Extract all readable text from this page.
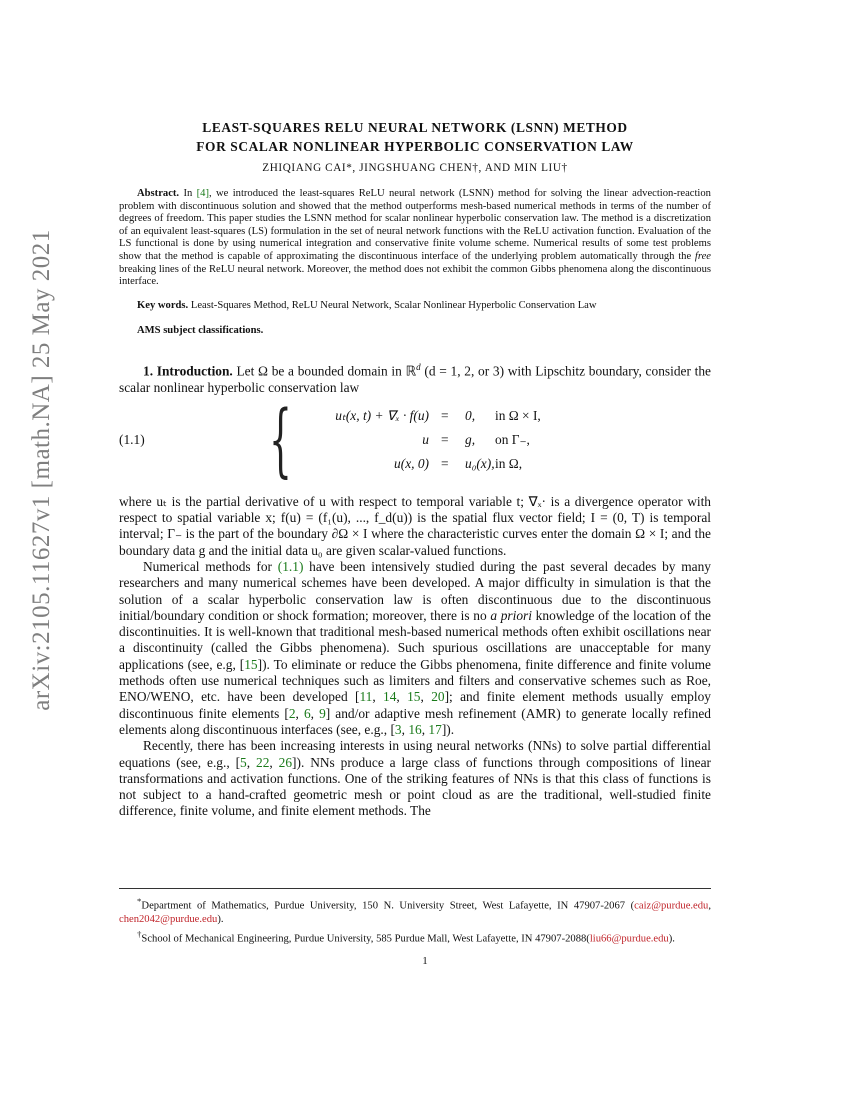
arXiv:2105.11627v1 [math.NA] 25 May 2021

LEAST-SQUARES RELU NEURAL NETWORK (LSNN) METHOD
FOR SCALAR NONLINEAR HYPERBOLIC CONSERVATION LAW

ZHIQIANG CAI*, JINGSHUANG CHEN†, AND MIN LIU†

Abstract. In [4], we introduced the least-squares ReLU neural network (LSNN) method for solving the linear advection-reaction problem with discontinuous solution and showed that the method outperforms mesh-based numerical methods in terms of the number of degrees of freedom. This paper studies the LSNN method for scalar nonlinear hyperbolic conservation law. The method is a discretization of an equivalent least-squares (LS) formulation in the set of neural network functions with the ReLU activation function. Evaluation of the LS functional is done by using numerical integration and conservative finite volume scheme. Numerical results of some test problems show that the method is capable of approximating the discontinuous interface of the underlying problem automatically through the free breaking lines of the ReLU neural network. Moreover, the method does not exhibit the common Gibbs phenomena along the discontinuous interface.

Key words. Least-Squares Method, ReLU Neural Network, Scalar Nonlinear Hyperbolic Conservation Law

AMS subject classifications.

1. Introduction. Let Ω be a bounded domain in ℝ$^d$ (d = 1, 2, or 3) with Lipschitz boundary, consider the scalar nonlinear hyperbolic conservation law

(1.1) {	uₜ(x, t) + ∇ₓ · f(u) = 0, in Ω × I,
u = g, on Γ₋,
u(x, 0) = u₀(x), in Ω,

where uₜ is the partial derivative of u with respect to temporal variable t; ∇ₓ· is a divergence operator with respect to spatial variable x; f(u) = (f₁(u), ..., f_d(u)) is the spatial flux vector field; I = (0, T) is temporal interval; Γ₋ is the part of the boundary ∂Ω × I where the characteristic curves enter the domain Ω × I; and the boundary data g and the initial data u₀ are given scalar-valued functions.

Numerical methods for (1.1) have been intensively studied during the past several decades by many researchers and many numerical schemes have been developed. A major difficulty in simulation is that the solution of a scalar hyperbolic conservation law is often discontinuous due to the discontinuous initial/boundary condition or shock formation; moreover, there is no a priori knowledge of the location of the discontinuities. It is well-known that traditional mesh-based numerical methods often exhibit oscillations near a discontinuity (called the Gibbs phenomena). Such spurious oscillations are unacceptable for many applications (see, e.g, [15]). To eliminate or reduce the Gibbs phenomena, finite difference and finite volume methods often use numerical techniques such as limiters and filters and conservative schemes such as Roe, ENO/WENO, etc. have been developed [11, 14, 15, 20]; and finite element methods usually employ discontinuous finite elements [2, 6, 9] and/or adaptive mesh refinement (AMR) to generate locally refined elements along discontinuous interfaces (see, e.g., [3, 16, 17]).

Recently, there has been increasing interests in using neural networks (NNs) to solve partial differential equations (see, e.g., [5, 22, 26]). NNs produce a large class of functions through compositions of linear transformations and activation functions. One of the striking features of NNs is that this class of functions is not subject to a hand-crafted geometric mesh or point cloud as are the traditional, well-studied finite difference, finite volume, and finite element methods. The

*Department of Mathematics, Purdue University, 150 N. University Street, West Lafayette, IN 47907-2067 (caiz@purdue.edu, chen2042@purdue.edu).

†School of Mechanical Engineering, Purdue University, 585 Purdue Mall, West Lafayette, IN 47907-2088(liu66@purdue.edu).

1
